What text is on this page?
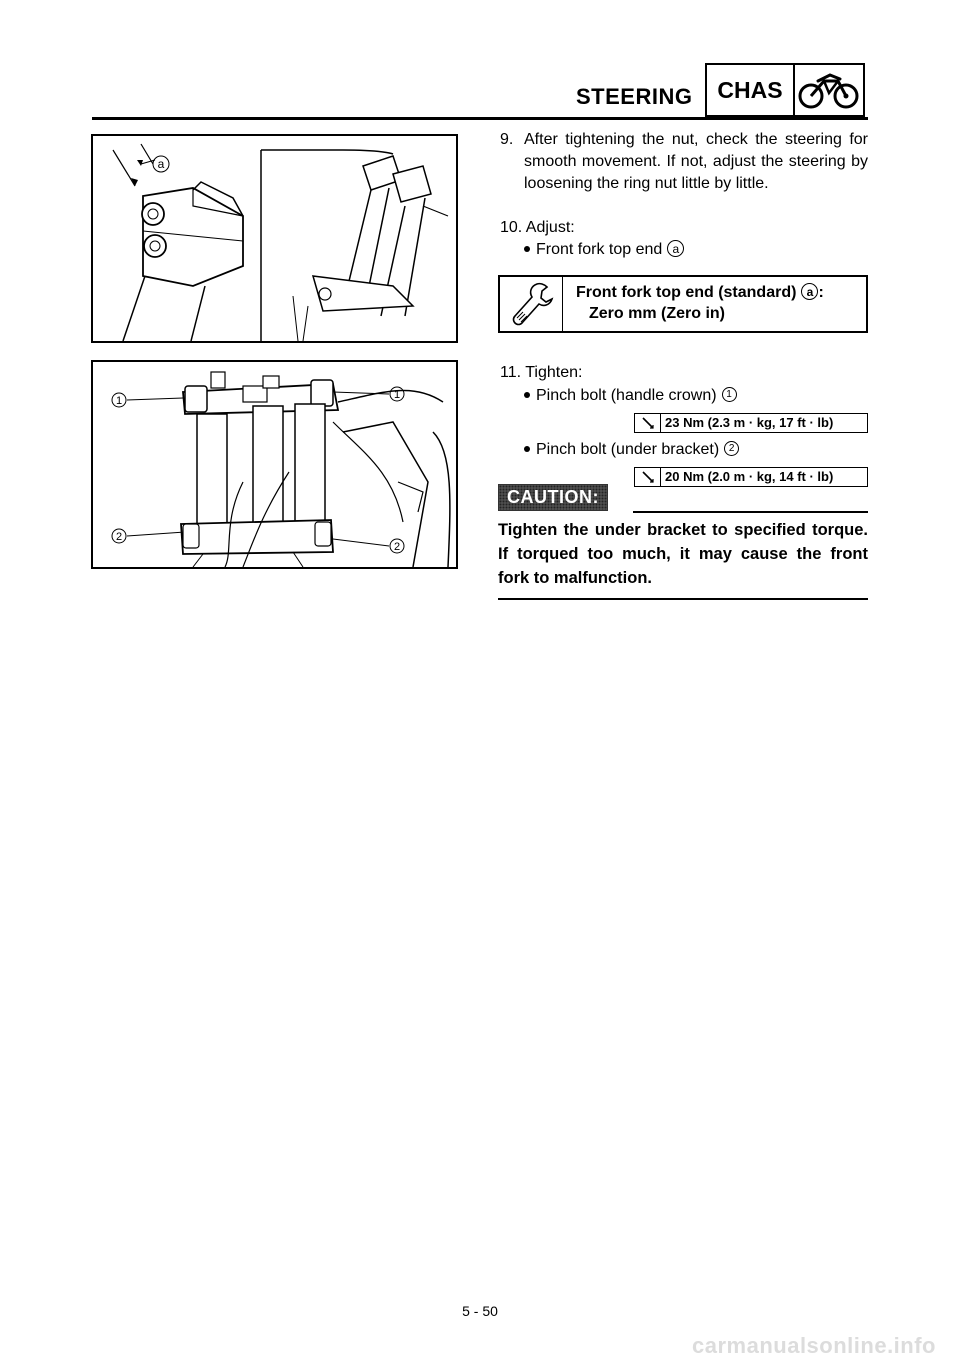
STEERING	CHAS
a
1	1
2
2
9. After tightening the nut, check the steering for smooth movement. If not, adjust the steering by loosening the ring nut little by little.
10. Adjust:
Front fork top end a
Front fork top end (standard) a :
Zero mm (Zero in)
11. Tighten:
Pinch bolt (handle crown) 1
23 Nm (2.3 m · kg, 17 ft · lb)
Pinch bolt (under bracket) 2
20 Nm (2.0 m · kg, 14 ft · lb)
CAUTION:
Tighten the under bracket to specified torque. If torqued too much, it may cause the front fork to malfunction.
5 - 50
carmanualsonline.info
